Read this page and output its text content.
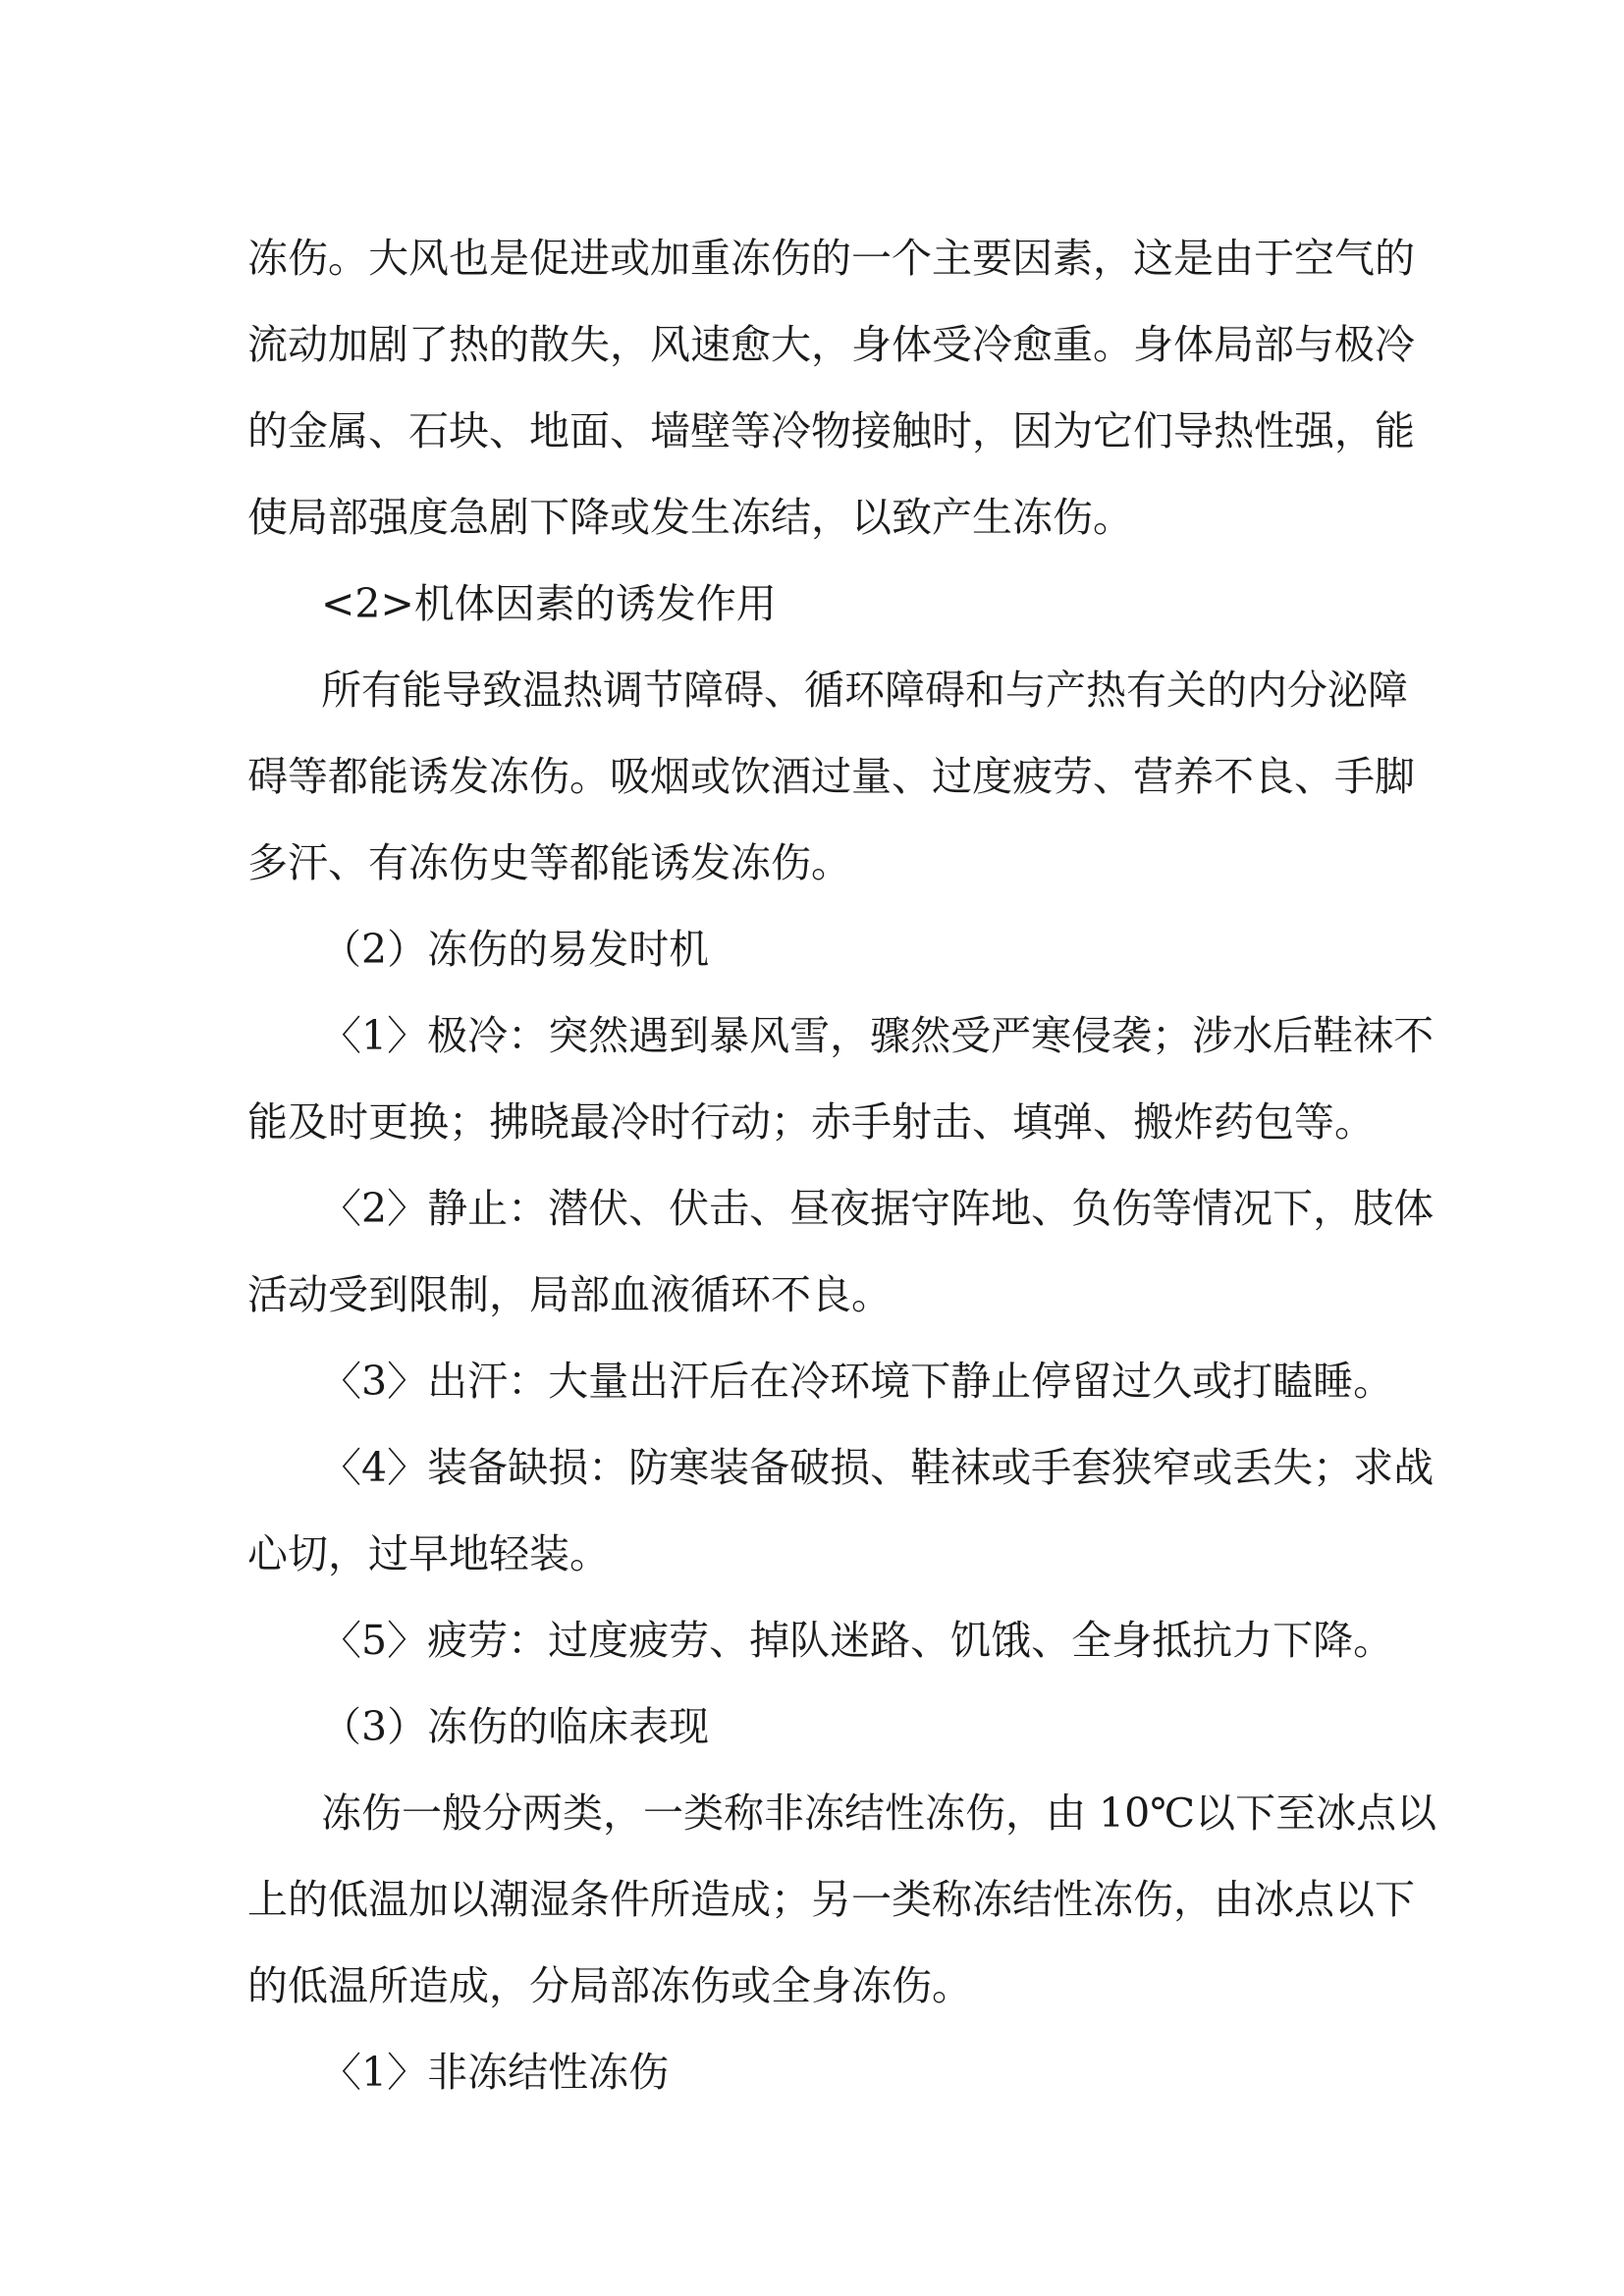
冻伤。大风也是促进或加重冻伤的一个主要因素，这是由于空气的
流动加剧了热的散失，风速愈大，身体受冷愈重。身体局部与极冷
的金属、石块、地面、墙壁等冷物接触时，因为它们导热性强，能
使局部强度急剧下降或发生冻结，以致产生冻伤。
<2>机体因素的诱发作用
所有能导致温热调节障碍、循环障碍和与产热有关的内分泌障
碍等都能诱发冻伤。吸烟或饮酒过量、过度疲劳、营养不良、手脚
多汗、有冻伤史等都能诱发冻伤。
（2）冻伤的易发时机
〈1〉极冷：突然遇到暴风雪，骤然受严寒侵袭；涉水后鞋袜不
能及时更换；拂晓最冷时行动；赤手射击、填弹、搬炸药包等。
〈2〉静止：潜伏、伏击、昼夜据守阵地、负伤等情况下，肢体
活动受到限制，局部血液循环不良。
〈3〉出汗：大量出汗后在冷环境下静止停留过久或打瞌睡。
〈4〉装备缺损：防寒装备破损、鞋袜或手套狭窄或丢失；求战
心切，过早地轻装。
〈5〉疲劳：过度疲劳、掉队迷路、饥饿、全身抵抗力下降。
（3）冻伤的临床表现
冻伤一般分两类，一类称非冻结性冻伤，由 10℃以下至冰点以
上的低温加以潮湿条件所造成；另一类称冻结性冻伤，由冰点以下
的低温所造成，分局部冻伤或全身冻伤。
〈1〉非冻结性冻伤
